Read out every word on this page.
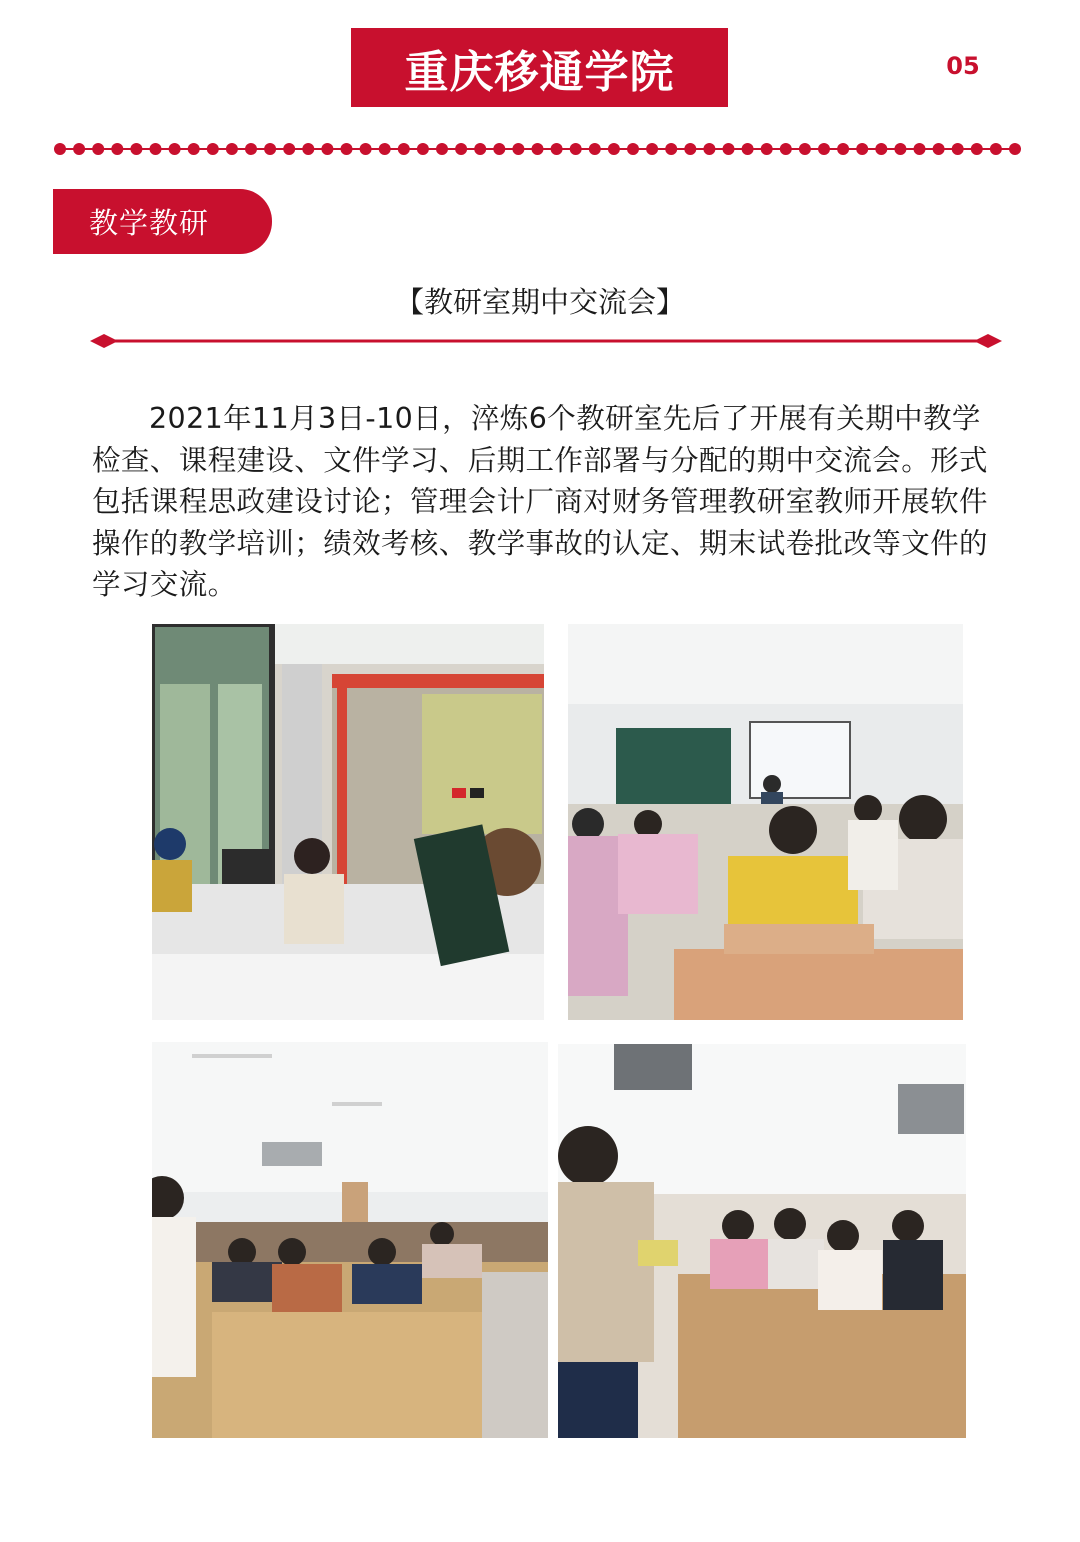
重庆移通学院	05
教学教研
【教研室期中交流会】

2021年11月3日-10日，淬炼6个教研室先后了开展有关期中教学检查、课程建设、文件学习、后期工作部署与分配的期中交流会。形式包括课程思政建设讨论；管理会计厂商对财务管理教研室教师开展软件操作的教学培训；绩效考核、教学事故的认定、期末试卷批改等文件的学习交流。
